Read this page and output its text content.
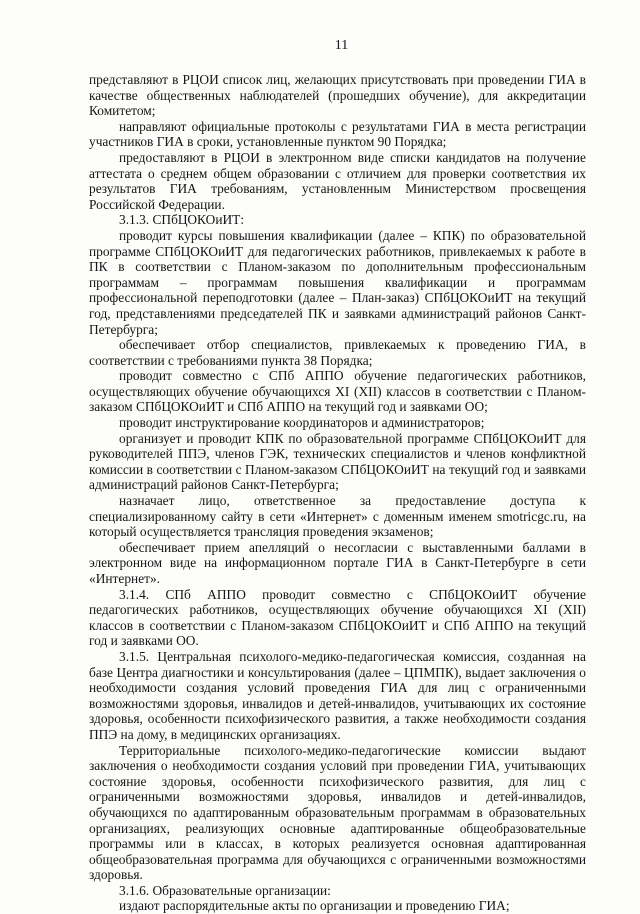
11

представляют в РЦОИ список лиц, желающих присутствовать при проведении ГИА в качестве общественных наблюдателей (прошедших обучение), для аккредитации Комитетом;

направляют официальные протоколы с результатами ГИА в места регистрации участников ГИА в сроки, установленные пунктом 90 Порядка;

предоставляют в РЦОИ в электронном виде списки кандидатов на получение аттестата о среднем общем образовании с отличием для проверки соответствия их результатов ГИА требованиям, установленным Министерством просвещения Российской Федерации.

3.1.3. СПбЦОКОиИТ:

проводит курсы повышения квалификации (далее – КПК) по образовательной программе СПбЦОКОиИТ для педагогических работников, привлекаемых к работе в ПК в соответствии с Планом-заказом по дополнительным профессиональным программам – программам повышения квалификации и программам профессиональной переподготовки (далее – План-заказ) СПбЦОКОиИТ на текущий год, представлениями председателей ПК и заявками администраций районов Санкт-Петербурга;

обеспечивает отбор специалистов, привлекаемых к проведению ГИА, в соответствии с требованиями пункта 38 Порядка;

проводит совместно с СПб АППО обучение педагогических работников, осуществляющих обучение обучающихся XI (XII) классов в соответствии с Планом-заказом СПбЦОКОиИТ и СПб АППО на текущий год и заявками ОО;

проводит инструктирование координаторов и администраторов;

организует и проводит КПК по образовательной программе СПбЦОКОиИТ для руководителей ППЭ, членов ГЭК, технических специалистов и членов конфликтной комиссии в соответствии с Планом-заказом СПбЦОКОиИТ на текущий год и заявками администраций районов Санкт-Петербурга;

назначает лицо, ответственное за предоставление доступа к специализированному сайту в сети «Интернет» с доменным именем smotricgc.ru, на который осуществляется трансляция проведения экзаменов;

обеспечивает прием апелляций о несогласии с выставленными баллами в электронном виде на информационном портале ГИА в Санкт-Петербурге в сети «Интернет».

3.1.4. СПб АППО проводит совместно с СПбЦОКОиИТ обучение педагогических работников, осуществляющих обучение обучающихся XI (XII) классов в соответствии с Планом-заказом СПбЦОКОиИТ и СПб АППО на текущий год и заявками ОО.

3.1.5. Центральная психолого-медико-педагогическая комиссия, созданная на базе Центра диагностики и консультирования (далее – ЦПМПК), выдает заключения о необходимости создания условий проведения ГИА для лиц с ограниченными возможностями здоровья, инвалидов и детей-инвалидов, учитывающих их состояние здоровья, особенности психофизического развития, а также необходимости создания ППЭ на дому, в медицинских организациях.

Территориальные психолого-медико-педагогические комиссии выдают заключения о необходимости создания условий при проведении ГИА, учитывающих состояние здоровья, особенности психофизического развития, для лиц с ограниченными возможностями здоровья, инвалидов и детей-инвалидов, обучающихся по адаптированным образовательным программам в образовательных организациях, реализующих основные адаптированные общеобразовательные программы или в классах, в которых реализуется основная адаптированная общеобразовательная программа для обучающихся с ограниченными возможностями здоровья.

3.1.6. Образовательные организации:

издают распорядительные акты по организации и проведению ГИА;
